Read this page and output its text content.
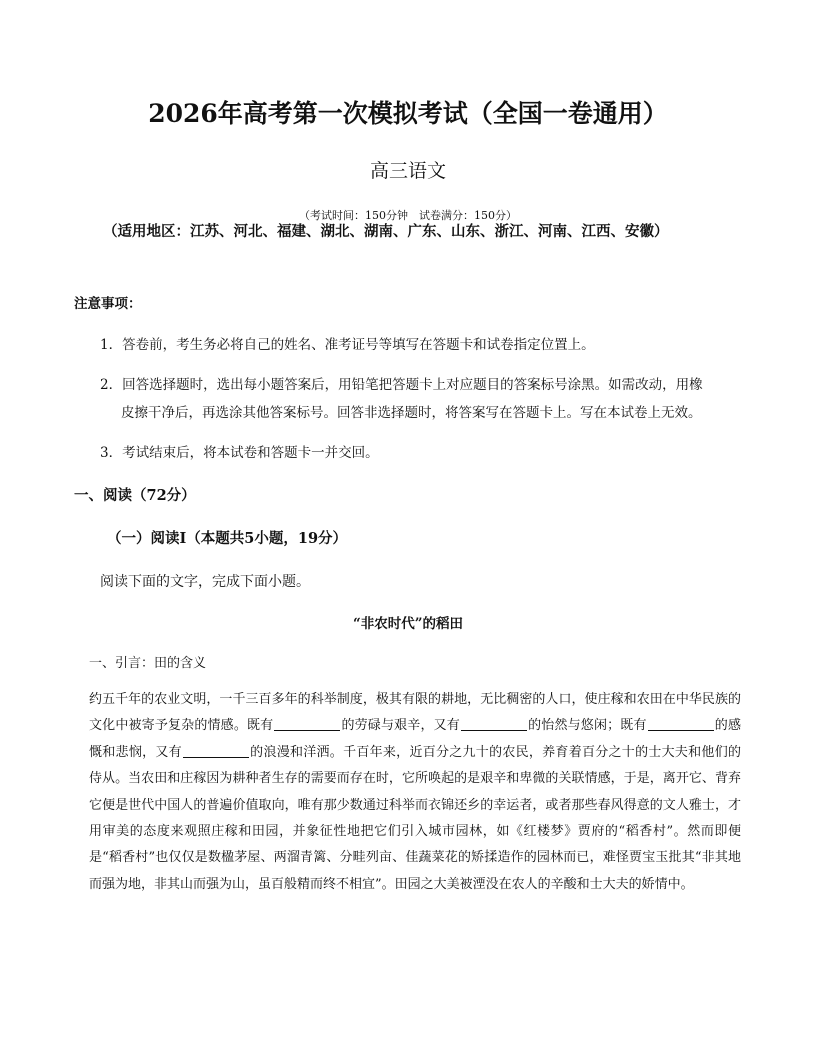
2026年高考第一次模拟考试（全国一卷通用）
高三语文
（考试时间：150分钟　试卷满分：150分）
（适用地区：江苏、河北、福建、湖北、湖南、广东、山东、浙江、河南、江西、安徽）
注意事项：
1．答卷前，考生务必将自己的姓名、准考证号等填写在答题卡和试卷指定位置上。
2．回答选择题时，选出每小题答案后，用铅笔把答题卡上对应题目的答案标号涂黑。如需改动，用橡
皮擦干净后，再选涂其他答案标号。回答非选择题时，将答案写在答题卡上。写在本试卷上无效。
3．考试结束后，将本试卷和答题卡一并交回。
一、阅读（72分）
（一）阅读I（本题共5小题，19分）
阅读下面的文字，完成下面小题。
“非农时代”的稻田
一、引言：田的含义
约五千年的农业文明，一千三百多年的科举制度，极其有限的耕地，无比稠密的人口，使庄稼和农田在中华民族的文化中被寄予复杂的情感。既有	的劳碌与艰辛，又有	的怡然与悠闲；既有	的感慨和悲悯，又有	的浪漫和洋洒。千百年来，近百分之九十的农民，养育着百分之十的士大夫和他们的侍从。当农田和庄稼因为耕种者生存的需要而存在时，它所唤起的是艰辛和卑微的关联情感，于是，离开它、背弃它便是世代中国人的普遍价值取向，唯有那少数通过科举而衣锦还乡的幸运者，或者那些春风得意的文人雅士，才用审美的态度来观照庄稼和田园，并象征性地把它们引入城市园林，如《红楼梦》贾府的“稻香村”。然而即便是“稻香村”也仅仅是数楹茅屋、两溜青篱、分畦列亩、佳蔬菜花的矫揉造作的园林而已，难怪贾宝玉批其“非其地而强为地，非其山而强为山，虽百般精而终不相宜”。田园之大美被湮没在农人的辛酸和士大夫的娇情中。
